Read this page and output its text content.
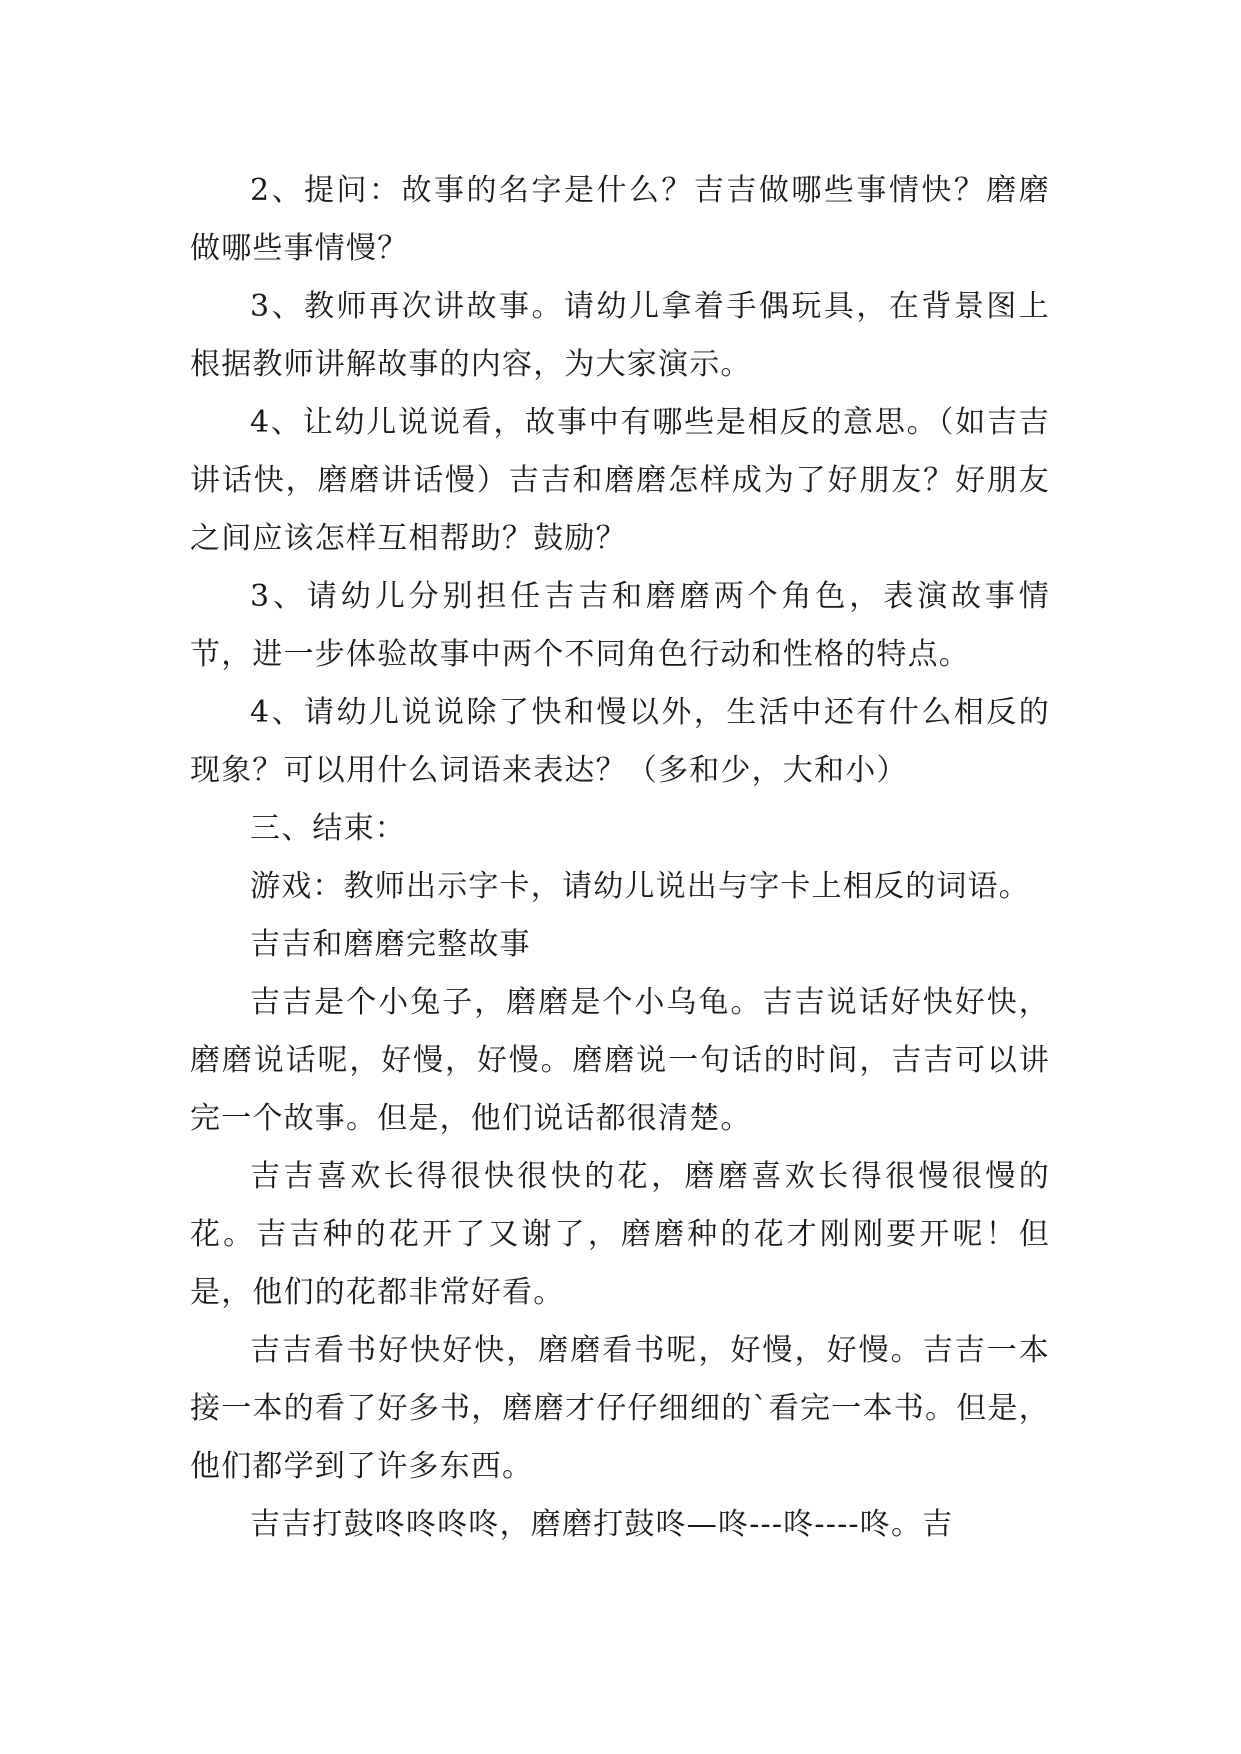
2、提问：故事的名字是什么？吉吉做哪些事情快？磨磨做哪些事情慢？

3、教师再次讲故事。请幼儿拿着手偶玩具，在背景图上根据教师讲解故事的内容，为大家演示。

4、让幼儿说说看，故事中有哪些是相反的意思。（如吉吉讲话快，磨磨讲话慢）吉吉和磨磨怎样成为了好朋友？好朋友之间应该怎样互相帮助？鼓励？

3、请幼儿分别担任吉吉和磨磨两个角色，表演故事情节，进一步体验故事中两个不同角色行动和性格的特点。

4、请幼儿说说除了快和慢以外，生活中还有什么相反的现象？可以用什么词语来表达？（多和少，大和小）

三、结束：

游戏：教师出示字卡，请幼儿说出与字卡上相反的词语。

吉吉和磨磨完整故事

吉吉是个小兔子，磨磨是个小乌龟。吉吉说话好快好快，磨磨说话呢，好慢，好慢。磨磨说一句话的时间，吉吉可以讲完一个故事。但是，他们说话都很清楚。

吉吉喜欢长得很快很快的花，磨磨喜欢长得很慢很慢的花。吉吉种的花开了又谢了，磨磨种的花才刚刚要开呢！但是，他们的花都非常好看。

吉吉看书好快好快，磨磨看书呢，好慢，好慢。吉吉一本接一本的看了好多书，磨磨才仔仔细细的`看完一本书。但是，他们都学到了许多东西。

吉吉打鼓咚咚咚咚，磨磨打鼓咚—咚---咚----咚。吉
